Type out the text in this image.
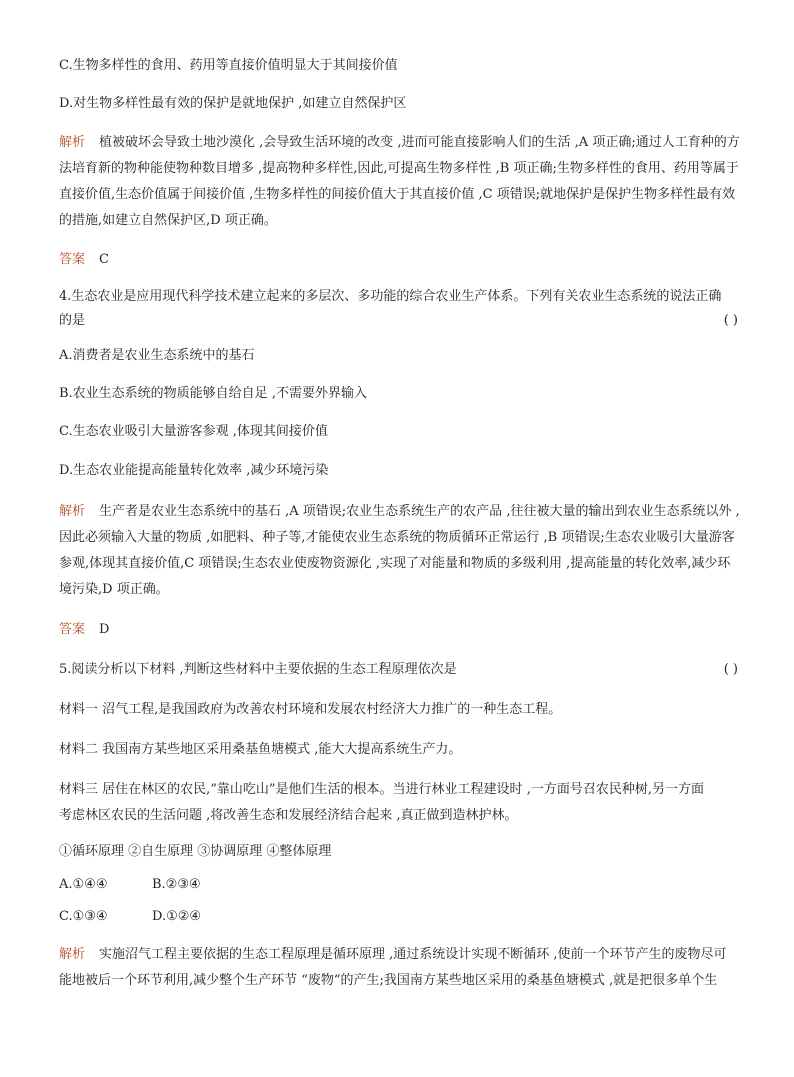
C.生物多样性的食用、药用等直接价值明显大于其间接价值
D.对生物多样性最有效的保护是就地保护 ,如建立自然保护区
解析 植被破坏会导致土地沙漠化 ,会导致生活环境的改变 ,进而可能直接影响人们的生活 ,A 项正确;通过人工育种的方
法培育新的物种能使物种数目增多 ,提高物种多样性,因此,可提高生物多样性 ,B 项正确;生物多样性的食用、药用等属于
直接价值,生态价值属于间接价值 ,生物多样性的间接价值大于其直接价值 ,C 项错误;就地保护是保护生物多样性最有效
的措施,如建立自然保护区,D 项正确。
答案 C
4.生态农业是应用现代科学技术建立起来的多层次、多功能的综合农业生产体系。下列有关农业生态系统的说法正确
的是	( )
A.消费者是农业生态系统中的基石
B.农业生态系统的物质能够自给自足 ,不需要外界输入
C.生态农业吸引大量游客参观 ,体现其间接价值
D.生态农业能提高能量转化效率 ,减少环境污染
解析 生产者是农业生态系统中的基石 ,A 项错误;农业生态系统生产的农产品 ,往往被大量的输出到农业生态系统以外 ,
因此必须输入大量的物质 ,如肥料、种子等,才能使农业生态系统的物质循环正常运行 ,B 项错误;生态农业吸引大量游客
参观,体现其直接价值,C 项错误;生态农业使废物资源化 ,实现了对能量和物质的多级利用 ,提高能量的转化效率,减少环
境污染,D 项正确。
答案 D
5.阅读分析以下材料 ,判断这些材料中主要依据的生态工程原理依次是	( )
材料一 沼气工程,是我国政府为改善农村环境和发展农村经济大力推广的一种生态工程。
材料二 我国南方某些地区采用桑基鱼塘模式 ,能大大提高系统生产力。
材料三 居住在林区的农民,“靠山吃山”是他们生活的根本。当进行林业工程建设时 ,一方面号召农民种树,另一方面
考虑林区农民的生活问题 ,将改善生态和发展经济结合起来 ,真正做到造林护林。
①循环原理 ②自生原理 ③协调原理 ④整体原理
A.①④④	B.②③④
C.①③④	D.①②④
解析 实施沼气工程主要依据的生态工程原理是循环原理 ,通过系统设计实现不断循环 ,使前一个环节产生的废物尽可
能地被后一个环节利用,减少整个生产环节 “废物”的产生;我国南方某些地区采用的桑基鱼塘模式 ,就是把很多单个生
